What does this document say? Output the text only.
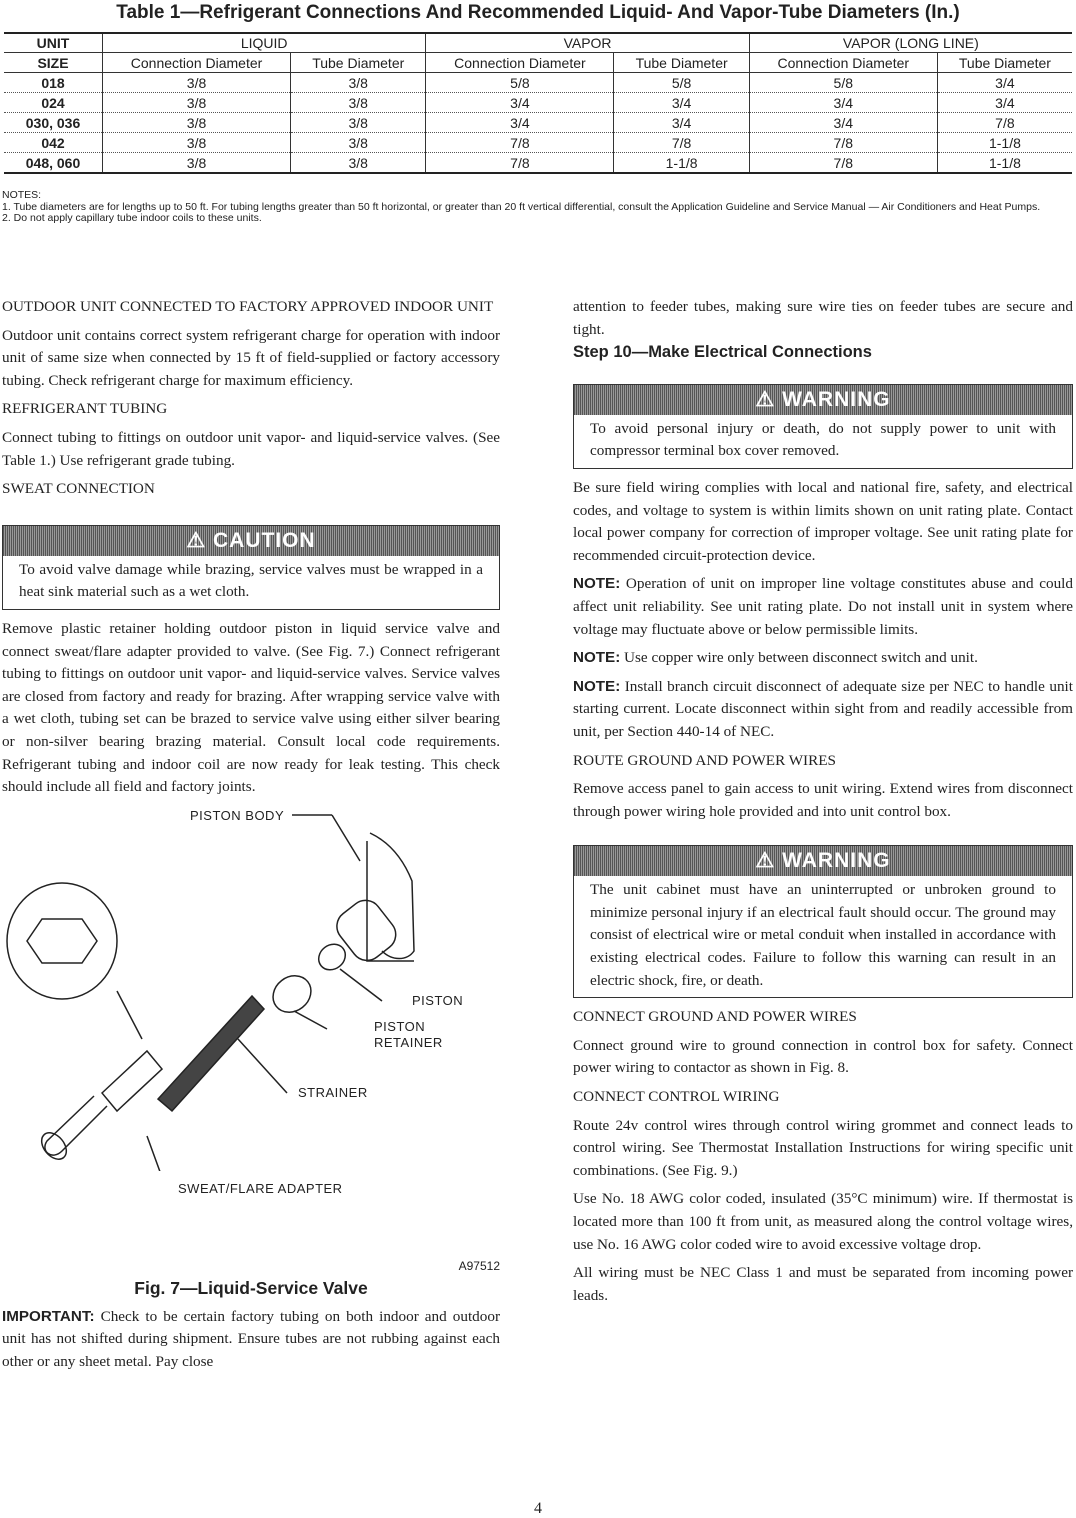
Table 1—Refrigerant Connections And Recommended Liquid- And Vapor-Tube Diameters (In.)
UNIT	LIQUID		VAPOR		VAPOR (LONG LINE)	
SIZE	Connection Diameter	Tube Diameter	Connection Diameter	Tube Diameter	Connection Diameter	Tube Diameter
018	3/8	3/8	5/8	5/8	5/8	3/4
024	3/8	3/8	3/4	3/4	3/4	3/4
030, 036	3/8	3/8	3/4	3/4	3/4	7/8
042	3/8	3/8	7/8	7/8	7/8	1-1/8
048, 060	3/8	3/8	7/8	1-1/8	7/8	1-1/8
NOTES:
1. Tube diameters are for lengths up to 50 ft. For tubing lengths greater than 50 ft horizontal, or greater than 20 ft vertical differential, consult the Application Guideline and Service Manual — Air Conditioners and Heat Pumps.
2. Do not apply capillary tube indoor coils to these units.

OUTDOOR UNIT CONNECTED TO FACTORY APPROVED INDOOR UNIT

Outdoor unit contains correct system refrigerant charge for operation with indoor unit of same size when connected by 15 ft of field-supplied or factory accessory tubing. Check refrigerant charge for maximum efficiency.

REFRIGERANT TUBING

Connect tubing to fittings on outdoor unit vapor- and liquid-service valves. (See Table 1.) Use refrigerant grade tubing.

SWEAT CONNECTION

⚠ CAUTION
To avoid valve damage while brazing, service valves must be wrapped in a heat sink material such as a wet cloth.

Remove plastic retainer holding outdoor piston in liquid service valve and connect sweat/flare adapter provided to valve. (See Fig. 7.) Connect refrigerant tubing to fittings on outdoor unit vapor- and liquid-service valves. Service valves are closed from factory and ready for brazing. After wrapping service valve with a wet cloth, tubing set can be brazed to service valve using either silver bearing or non-silver bearing brazing material. Consult local code requirements. Refrigerant tubing and indoor coil are now ready for leak testing. This check should include all field and factory joints.

PISTON BODY
PISTON
PISTON
RETAINER
STRAINER
SWEAT/FLARE ADAPTER
A97512

Fig. 7—Liquid-Service Valve

IMPORTANT: Check to be certain factory tubing on both indoor and outdoor unit has not shifted during shipment. Ensure tubes are not rubbing against each other or any sheet metal. Pay close

attention to feeder tubes, making sure wire ties on feeder tubes are secure and tight.

Step 10—Make Electrical Connections

⚠ WARNING
To avoid personal injury or death, do not supply power to unit with compressor terminal box cover removed.

Be sure field wiring complies with local and national fire, safety, and electrical codes, and voltage to system is within limits shown on unit rating plate. Contact local power company for correction of improper voltage. See unit rating plate for recommended circuit-protection device.

NOTE: Operation of unit on improper line voltage constitutes abuse and could affect unit reliability. See unit rating plate. Do not install unit in system where voltage may fluctuate above or below permissible limits.

NOTE: Use copper wire only between disconnect switch and unit.

NOTE: Install branch circuit disconnect of adequate size per NEC to handle unit starting current. Locate disconnect within sight from and readily accessible from unit, per Section 440-14 of NEC.

ROUTE GROUND AND POWER WIRES

Remove access panel to gain access to unit wiring. Extend wires from disconnect through power wiring hole provided and into unit control box.

⚠ WARNING
The unit cabinet must have an uninterrupted or unbroken ground to minimize personal injury if an electrical fault should occur. The ground may consist of electrical wire or metal conduit when installed in accordance with existing electrical codes. Failure to follow this warning can result in an electric shock, fire, or death.

CONNECT GROUND AND POWER WIRES

Connect ground wire to ground connection in control box for safety. Connect power wiring to contactor as shown in Fig. 8.

CONNECT CONTROL WIRING

Route 24v control wires through control wiring grommet and connect leads to control wiring. See Thermostat Installation Instructions for wiring specific unit combinations. (See Fig. 9.)

Use No. 18 AWG color coded, insulated (35°C minimum) wire. If thermostat is located more than 100 ft from unit, as measured along the control voltage wires, use No. 16 AWG color coded wire to avoid excessive voltage drop.

All wiring must be NEC Class 1 and must be separated from incoming power leads.

4
